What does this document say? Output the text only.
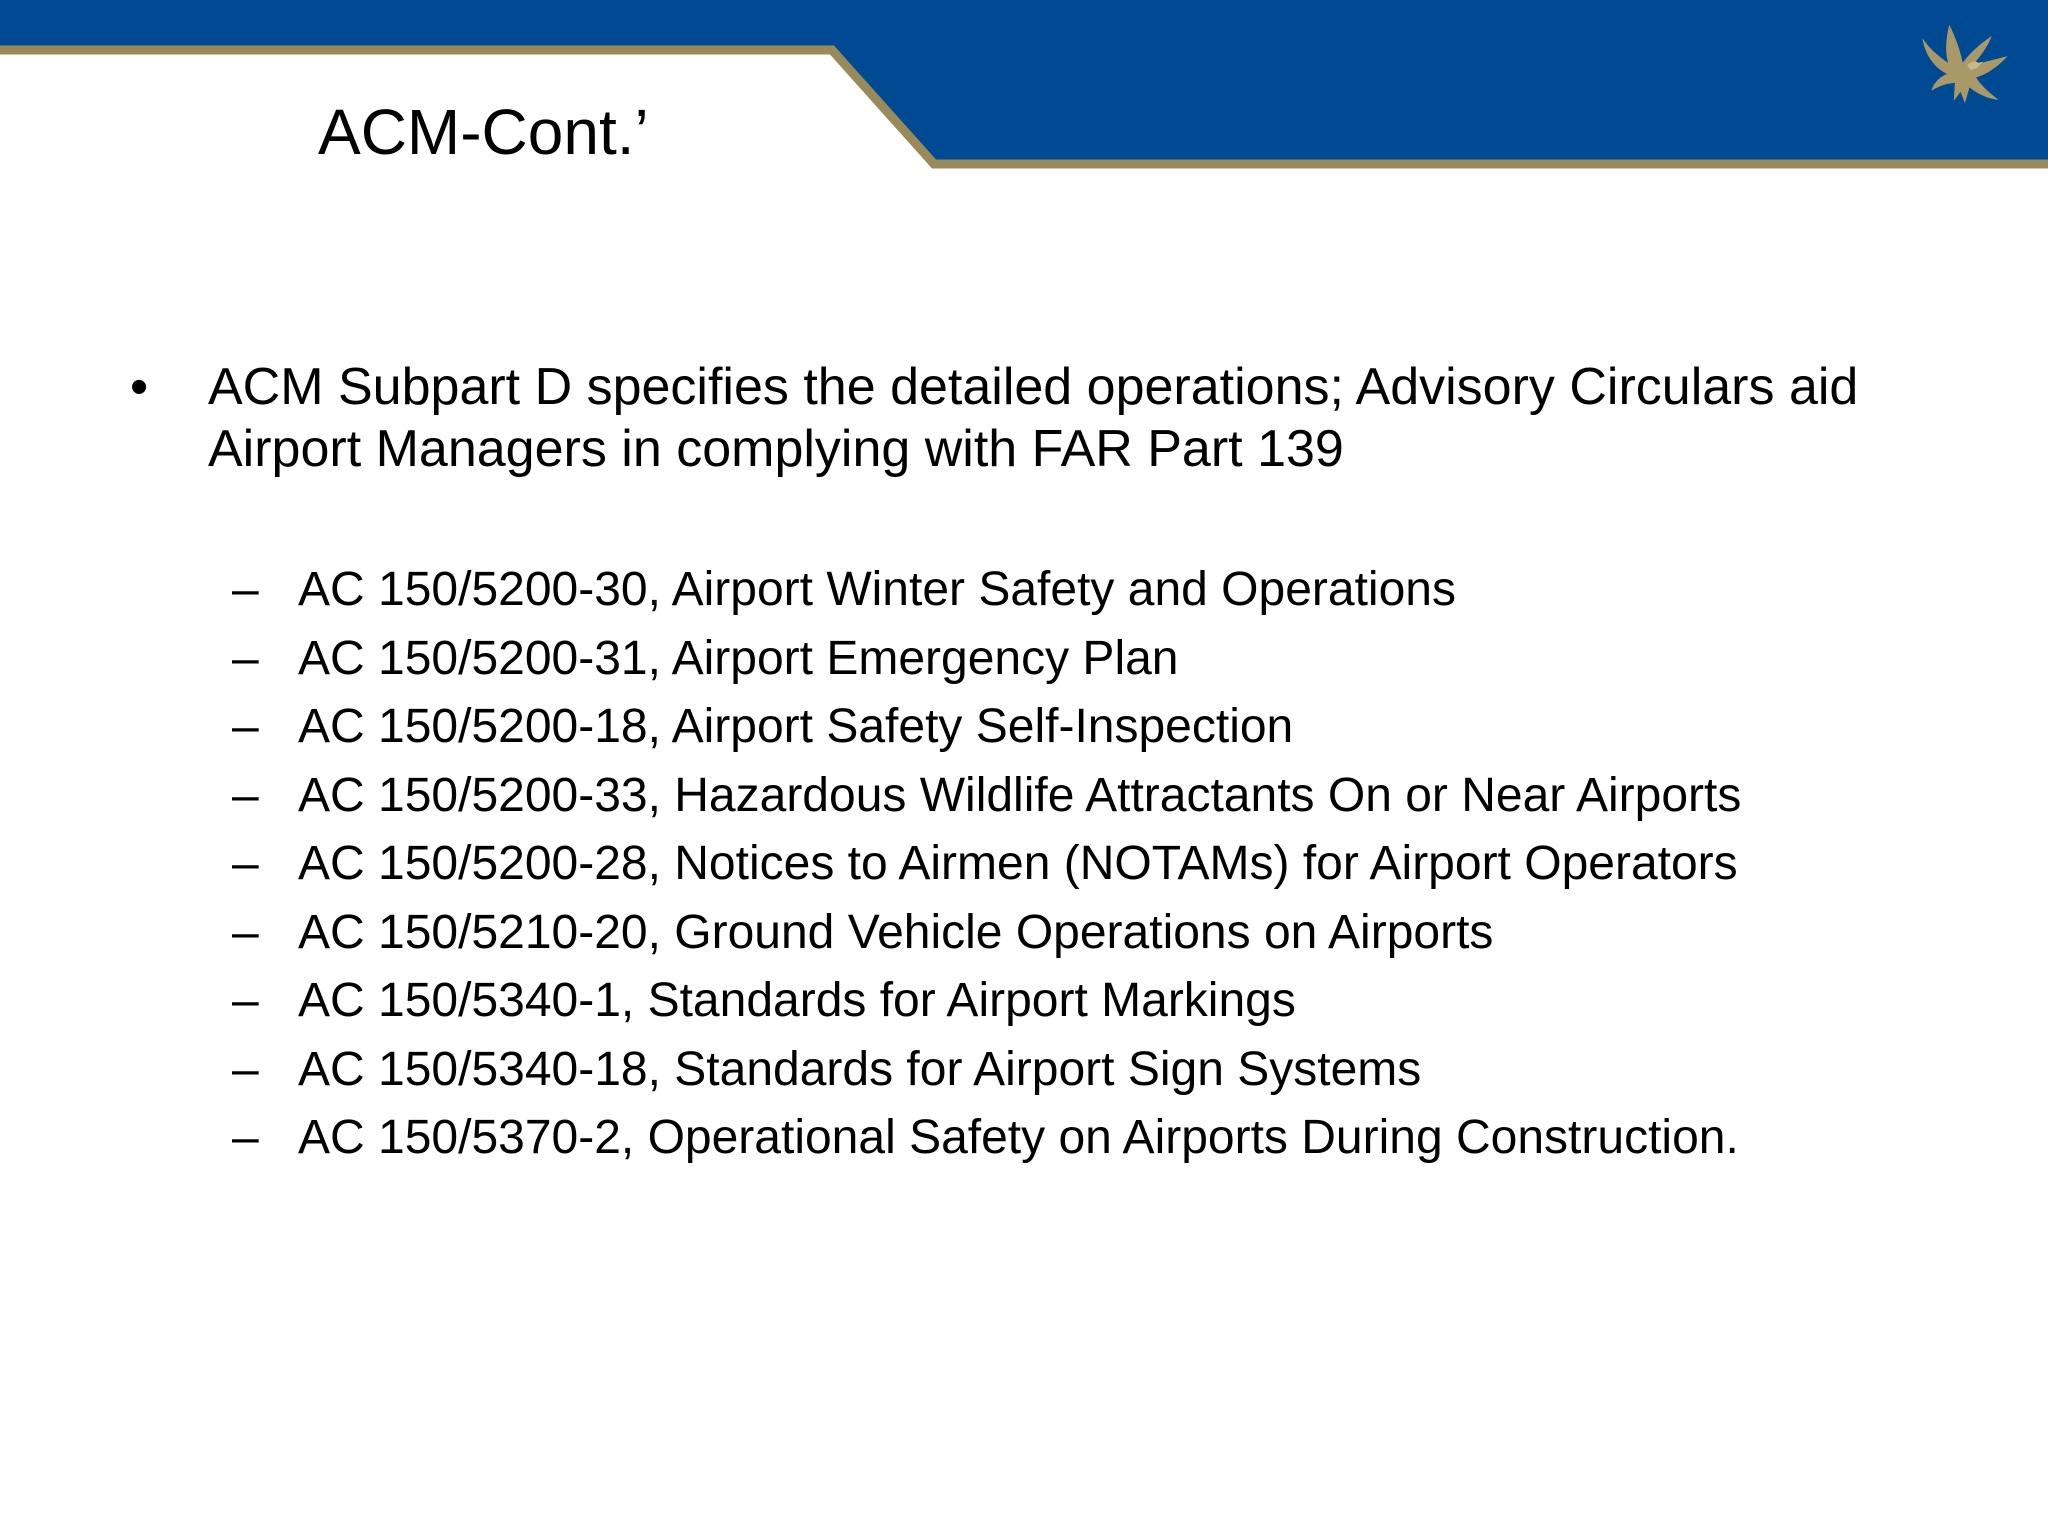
ACM-Cont.’
• ACM Subpart D specifies the detailed operations; Advisory Circulars aid Airport Managers in complying with FAR Part 139
– AC 150/5200-30, Airport Winter Safety and Operations
– AC 150/5200-31, Airport Emergency Plan
– AC 150/5200-18, Airport Safety Self-Inspection
– AC 150/5200-33, Hazardous Wildlife Attractants On or Near Airports
– AC 150/5200-28, Notices to Airmen (NOTAMs) for Airport Operators
– AC 150/5210-20, Ground Vehicle Operations on Airports
– AC 150/5340-1, Standards for Airport Markings
– AC 150/5340-18, Standards for Airport Sign Systems
– AC 150/5370-2, Operational Safety on Airports During Construction.
